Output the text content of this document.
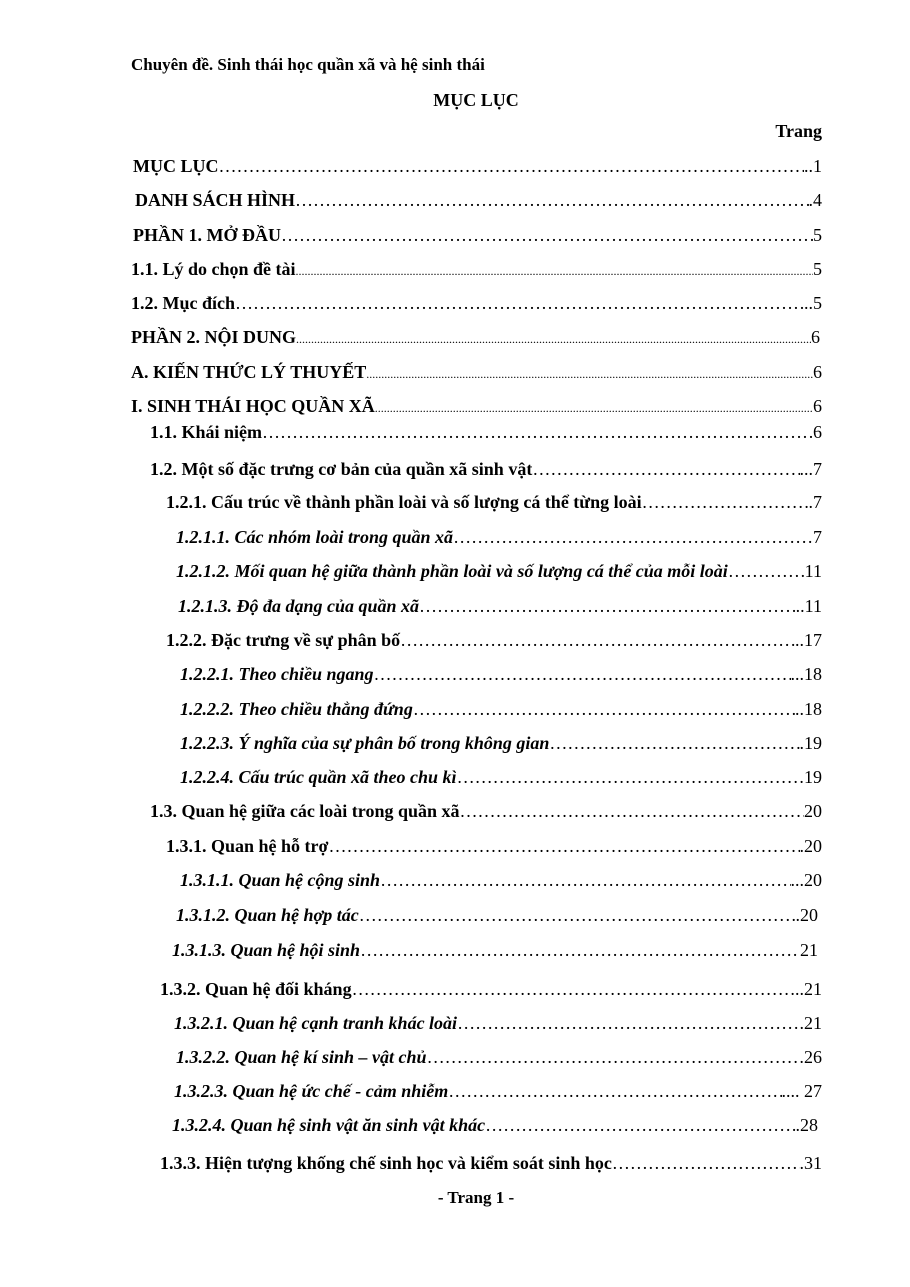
Chuyên đề. Sinh thái học quần xã và hệ sinh thái
MỤC LỤC
Trang
MỤC LỤC ………………………………………………………………………………………………………………………………………………………………………………	..1
DANH SÁCH HÌNH ………………………………………………………………………………………………………………………………………………………………………………	.4
PHẦN 1. MỞ ĐẦU ………………………………………………………………………………………………………………………………………………………………………………	5
1.1. Lý do chọn đề tài .....	5
1.2. Mục đích ………………………………………………………………………………………………………………………………………………………………………………	..5
PHẦN 2. NỘI DUNG .....	6
A. KIẾN THỨC LÝ THUYẾT .....	6
I. SINH THÁI HỌC QUẦN XÃ .....	6
1.1. Khái niệm ………………………………………………………………………………………………………………………………………………………………………………	6
1.2. Một số đặc trưng cơ bản của quần xã sinh vật ………………………………………………………………………………………………………………………………………………………………………………	...7
1.2.1. Cấu trúc về thành phần loài và số lượng cá thể từng loài ………………………………………………………………………………………………………………………………………………………………………………	.7
1.2.1.1. Các nhóm loài trong quần xã ………………………………………………………………………………………………………………………………………………………………………………	7
1.2.1.2. Mối quan hệ giữa thành phần loài và số lượng cá thể của mỗi loài ………………………………………………………………………………………………………………………………………………………………………………	11
1.2.1.3. Độ đa dạng của quần xã ………………………………………………………………………………………………………………………………………………………………………………	..11
1.2.2. Đặc trưng về sự phân bố ………………………………………………………………………………………………………………………………………………………………………………	..17
1.2.2.1. Theo chiều ngang ………………………………………………………………………………………………………………………………………………………………………………	...18
1.2.2.2. Theo chiều thẳng đứng ………………………………………………………………………………………………………………………………………………………………………………	..18
1.2.2.3. Ý nghĩa của sự phân bố trong không gian ………………………………………………………………………………………………………………………………………………………………………………	.19
1.2.2.4. Cấu trúc quần xã theo chu kì ………………………………………………………………………………………………………………………………………………………………………………	19
1.3. Quan hệ giữa các loài trong quần xã ………………………………………………………………………………………………………………………………………………………………………………	20
1.3.1. Quan hệ hỗ trợ ………………………………………………………………………………………………………………………………………………………………………………	.20
1.3.1.1. Quan hệ cộng sinh ………………………………………………………………………………………………………………………………………………………………………………	...20
1.3.1.2. Quan hệ hợp tác ………………………………………………………………………………………………………………………………………………………………………………	.20
1.3.1.3. Quan hệ hội sinh ………………………………………………………………………………………………………………………………………………………………………………	21
1.3.2. Quan hệ đối kháng ………………………………………………………………………………………………………………………………………………………………………………	..21
1.3.2.1. Quan hệ cạnh tranh khác loài ………………………………………………………………………………………………………………………………………………………………………………	.21
1.3.2.2. Quan hệ kí sinh – vật chủ ………………………………………………………………………………………………………………………………………………………………………………	26
1.3.2.3. Quan hệ ức chế - cảm nhiễm ………………………………………………………………………………………………………………………………………………………………………………	.... 27
1.3.2.4. Quan hệ sinh vật ăn sinh vật khác ………………………………………………………………………………………………………………………………………………………………………………	.28
1.3.3. Hiện tượng khống chế sinh học và kiểm soát sinh học ………………………………………………………………………………………………………………………………………………………………………………	.31
- Trang 1 -
